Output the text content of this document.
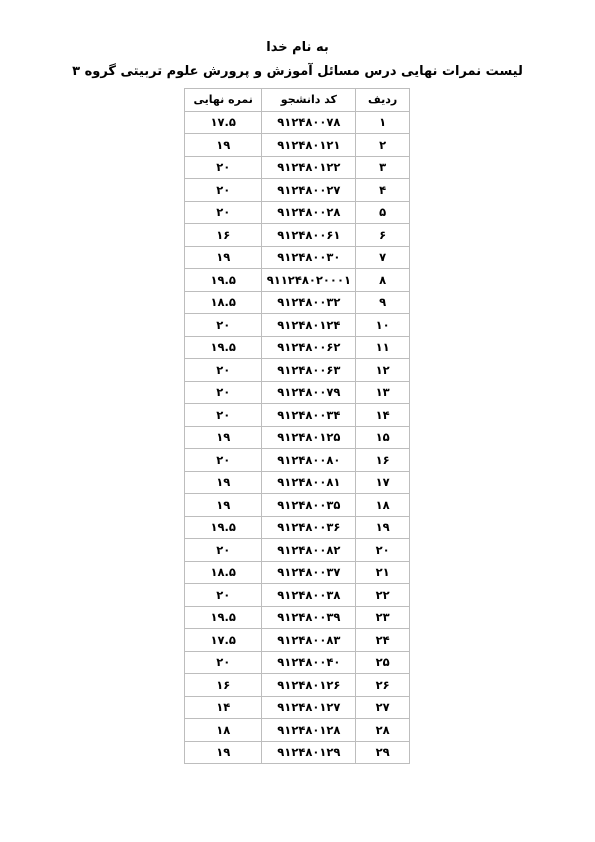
به نام خدا
لیست نمرات نهایی درس مسائل آموزش و پرورش علوم تربیتی گروه ۳
ردیف	کد دانشجو	نمره نهایی
۱	۹۱۲۴۸۰۰۷۸	۱۷.۵
۲	۹۱۲۴۸۰۱۲۱	۱۹
۳	۹۱۲۴۸۰۱۲۲	۲۰
۴	۹۱۲۴۸۰۰۲۷	۲۰
۵	۹۱۲۴۸۰۰۲۸	۲۰
۶	۹۱۲۴۸۰۰۶۱	۱۶
۷	۹۱۲۴۸۰۰۳۰	۱۹
۸	۹۱۱۲۴۸۰۲۰۰۰۱	۱۹.۵
۹	۹۱۲۴۸۰۰۳۲	۱۸.۵
۱۰	۹۱۲۴۸۰۱۲۴	۲۰
۱۱	۹۱۲۴۸۰۰۶۲	۱۹.۵
۱۲	۹۱۲۴۸۰۰۶۳	۲۰
۱۳	۹۱۲۴۸۰۰۷۹	۲۰
۱۴	۹۱۲۴۸۰۰۳۴	۲۰
۱۵	۹۱۲۴۸۰۱۲۵	۱۹
۱۶	۹۱۲۴۸۰۰۸۰	۲۰
۱۷	۹۱۲۴۸۰۰۸۱	۱۹
۱۸	۹۱۲۴۸۰۰۳۵	۱۹
۱۹	۹۱۲۴۸۰۰۳۶	۱۹.۵
۲۰	۹۱۲۴۸۰۰۸۲	۲۰
۲۱	۹۱۲۴۸۰۰۳۷	۱۸.۵
۲۲	۹۱۲۴۸۰۰۳۸	۲۰
۲۳	۹۱۲۴۸۰۰۳۹	۱۹.۵
۲۴	۹۱۲۴۸۰۰۸۳	۱۷.۵
۲۵	۹۱۲۴۸۰۰۴۰	۲۰
۲۶	۹۱۲۴۸۰۱۲۶	۱۶
۲۷	۹۱۲۴۸۰۱۲۷	۱۴
۲۸	۹۱۲۴۸۰۱۲۸	۱۸
۲۹	۹۱۲۴۸۰۱۲۹	۱۹
